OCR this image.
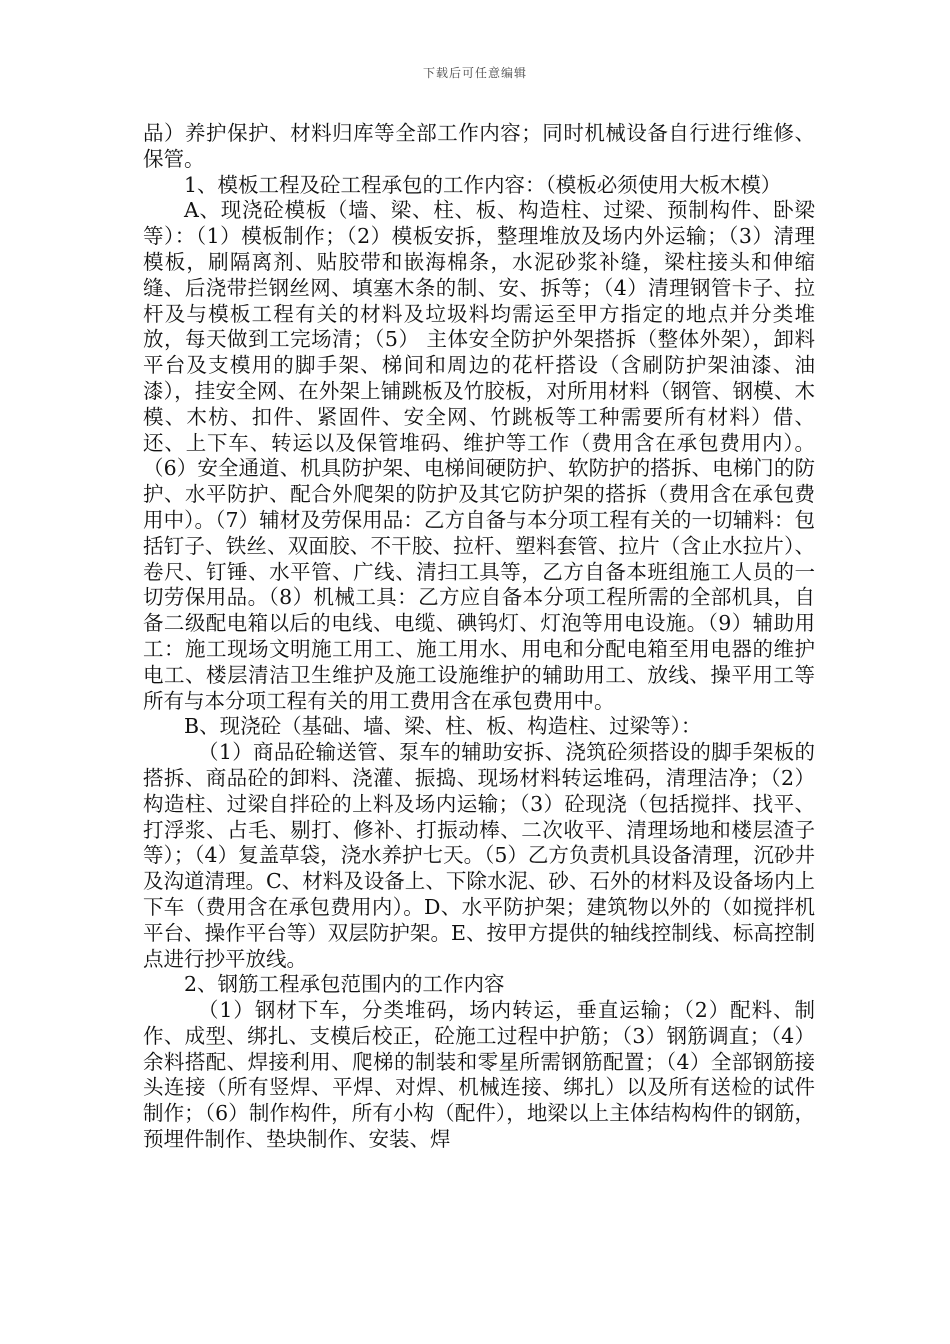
下载后可任意编辑

品）养护保护、材料归库等全部工作内容；同时机械设备自行进行维修、保管。

1、模板工程及砼工程承包的工作内容：（模板必须使用大板木模）

A、现浇砼模板（墙、梁、柱、板、构造柱、过梁、预制构件、卧梁等）：（1）模板制作；（2）模板安拆，整理堆放及场内外运输；（3）清理模板，刷隔离剂、贴胶带和嵌海棉条，水泥砂浆补缝，梁柱接头和伸缩缝、后浇带拦钢丝网、填塞木条的制、安、拆等；（4）清理钢管卡子、拉杆及与模板工程有关的材料及垃圾料均需运至甲方指定的地点并分类堆放，每天做到工完场清；（5） 主体安全防护外架搭拆（整体外架），卸料平台及支模用的脚手架、梯间和周边的花杆搭设（含刷防护架油漆、油漆），挂安全网、在外架上铺跳板及竹胶板，对所用材料（钢管、钢模、木模、木枋、扣件、紧固件、安全网、竹跳板等工种需要所有材料）借、还、上下车、转运以及保管堆码、维护等工作（费用含在承包费用内）。（6）安全通道、机具防护架、电梯间硬防护、软防护的搭拆、电梯门的防护、水平防护、配合外爬架的防护及其它防护架的搭拆（费用含在承包费用中）。（7）辅材及劳保用品：乙方自备与本分项工程有关的一切辅料：包括钉子、铁丝、双面胶、不干胶、拉杆、塑料套管、拉片（含止水拉片）、卷尺、钉锤、水平管、广线、清扫工具等，乙方自备本班组施工人员的一切劳保用品。（8）机械工具：乙方应自备本分项工程所需的全部机具，自备二级配电箱以后的电线、电缆、碘钨灯、灯泡等用电设施。（9）辅助用工：施工现场文明施工用工、施工用水、用电和分配电箱至用电器的维护电工、楼层清洁卫生维护及施工设施维护的辅助用工、放线、操平用工等所有与本分项工程有关的用工费用含在承包费用中。

B、现浇砼（基础、墙、梁、柱、板、构造柱、过梁等）：

（1）商品砼输送管、泵车的辅助安拆、浇筑砼须搭设的脚手架板的搭拆、商品砼的卸料、浇灌、振捣、现场材料转运堆码，清理洁净；（2）构造柱、过梁自拌砼的上料及场内运输；（3）砼现浇（包括搅拌、找平、打浮浆、占毛、剔打、修补、打振动棒、二次收平、清理场地和楼层渣子等）；（4）复盖草袋，浇水养护七天。（5）乙方负责机具设备清理，沉砂井及沟道清理。C、材料及设备上、下除水泥、砂、石外的材料及设备场内上下车（费用含在承包费用内）。D、水平防护架；建筑物以外的（如搅拌机平台、操作平台等）双层防护架。E、按甲方提供的轴线控制线、标高控制点进行抄平放线。

2、钢筋工程承包范围内的工作内容

（1）钢材下车，分类堆码，场内转运，垂直运输；（2）配料、制作、成型、绑扎、支模后校正，砼施工过程中护筋；（3）钢筋调直；（4）余料搭配、焊接利用、爬梯的制装和零星所需钢筋配置；（4）全部钢筋接头连接（所有竖焊、平焊、对焊、机械连接、绑扎）以及所有送检的试件制作；（6）制作构件，所有小构（配件），地梁以上主体结构构件的钢筋，预埋件制作、垫块制作、安装、焊
